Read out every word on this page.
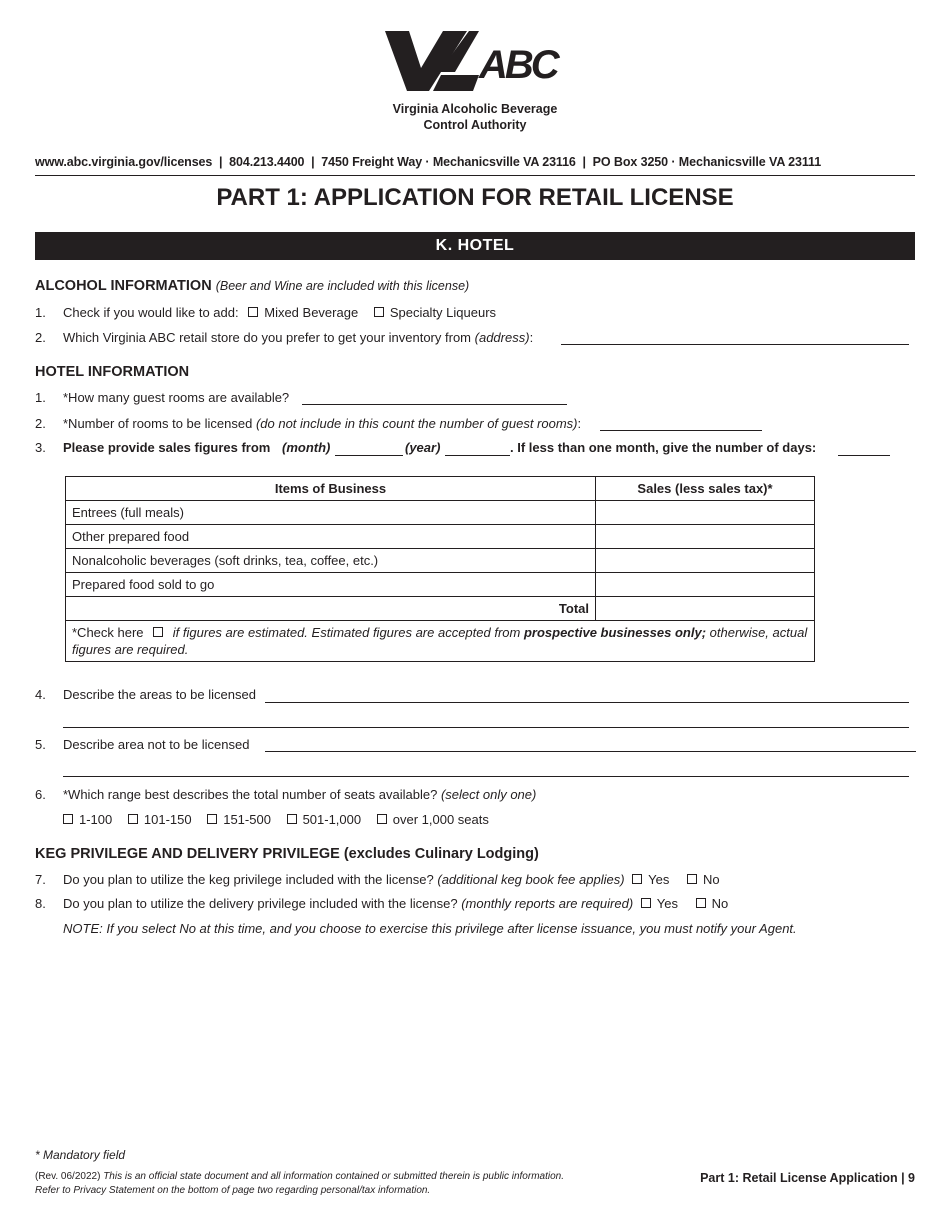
ABC
Virginia Alcoholic Beverage
Control Authority
www.abc.virginia.gov/licenses  |  804.213.4400  |  7450 Freight Way · Mechanicsville VA 23116  |  PO Box 3250 · Mechanicsville VA 23111
PART 1: APPLICATION FOR RETAIL LICENSE
K. HOTEL
ALCOHOL INFORMATION (Beer and Wine are included with this license)
1. Check if you would like to add: Mixed Beverage Specialty Liqueurs
2. Which Virginia ABC retail store do you prefer to get your inventory from (address):
HOTEL INFORMATION
1. *How many guest rooms are available?
2. *Number of rooms to be licensed (do not include in this count the number of guest rooms):
3. Please provide sales figures from (month)	(year)	. If less than one month, give the number of days:
Items of Business	Sales (less sales tax)*
Entrees (full meals)	
Other prepared food	
Nonalcoholic beverages (soft drinks, tea, coffee, etc.)	
Prepared food sold to go	
Total	
*Check here if figures are estimated. Estimated figures are accepted from prospective businesses only; otherwise, actual figures are required.	
4. Describe the areas to be licensed
5. Describe area not to be licensed
6. *Which range best describes the total number of seats available? (select only one)
1-100 101-150 151-500 501-1,000 over 1,000 seats
KEG PRIVILEGE AND DELIVERY PRIVILEGE (excludes Culinary Lodging)
7. Do you plan to utilize the keg privilege included with the license? (additional keg book fee applies) Yes	No
8. Do you plan to utilize the delivery privilege included with the license? (monthly reports are required) Yes	No
NOTE: If you select No at this time, and you choose to exercise this privilege after license issuance, you must notify your Agent.
* Mandatory field
(Rev. 06/2022) This is an official state document and all information contained or submitted therein is public information.
Refer to Privacy Statement on the bottom of page two regarding personal/tax information.
Part 1: Retail License Application | 9
